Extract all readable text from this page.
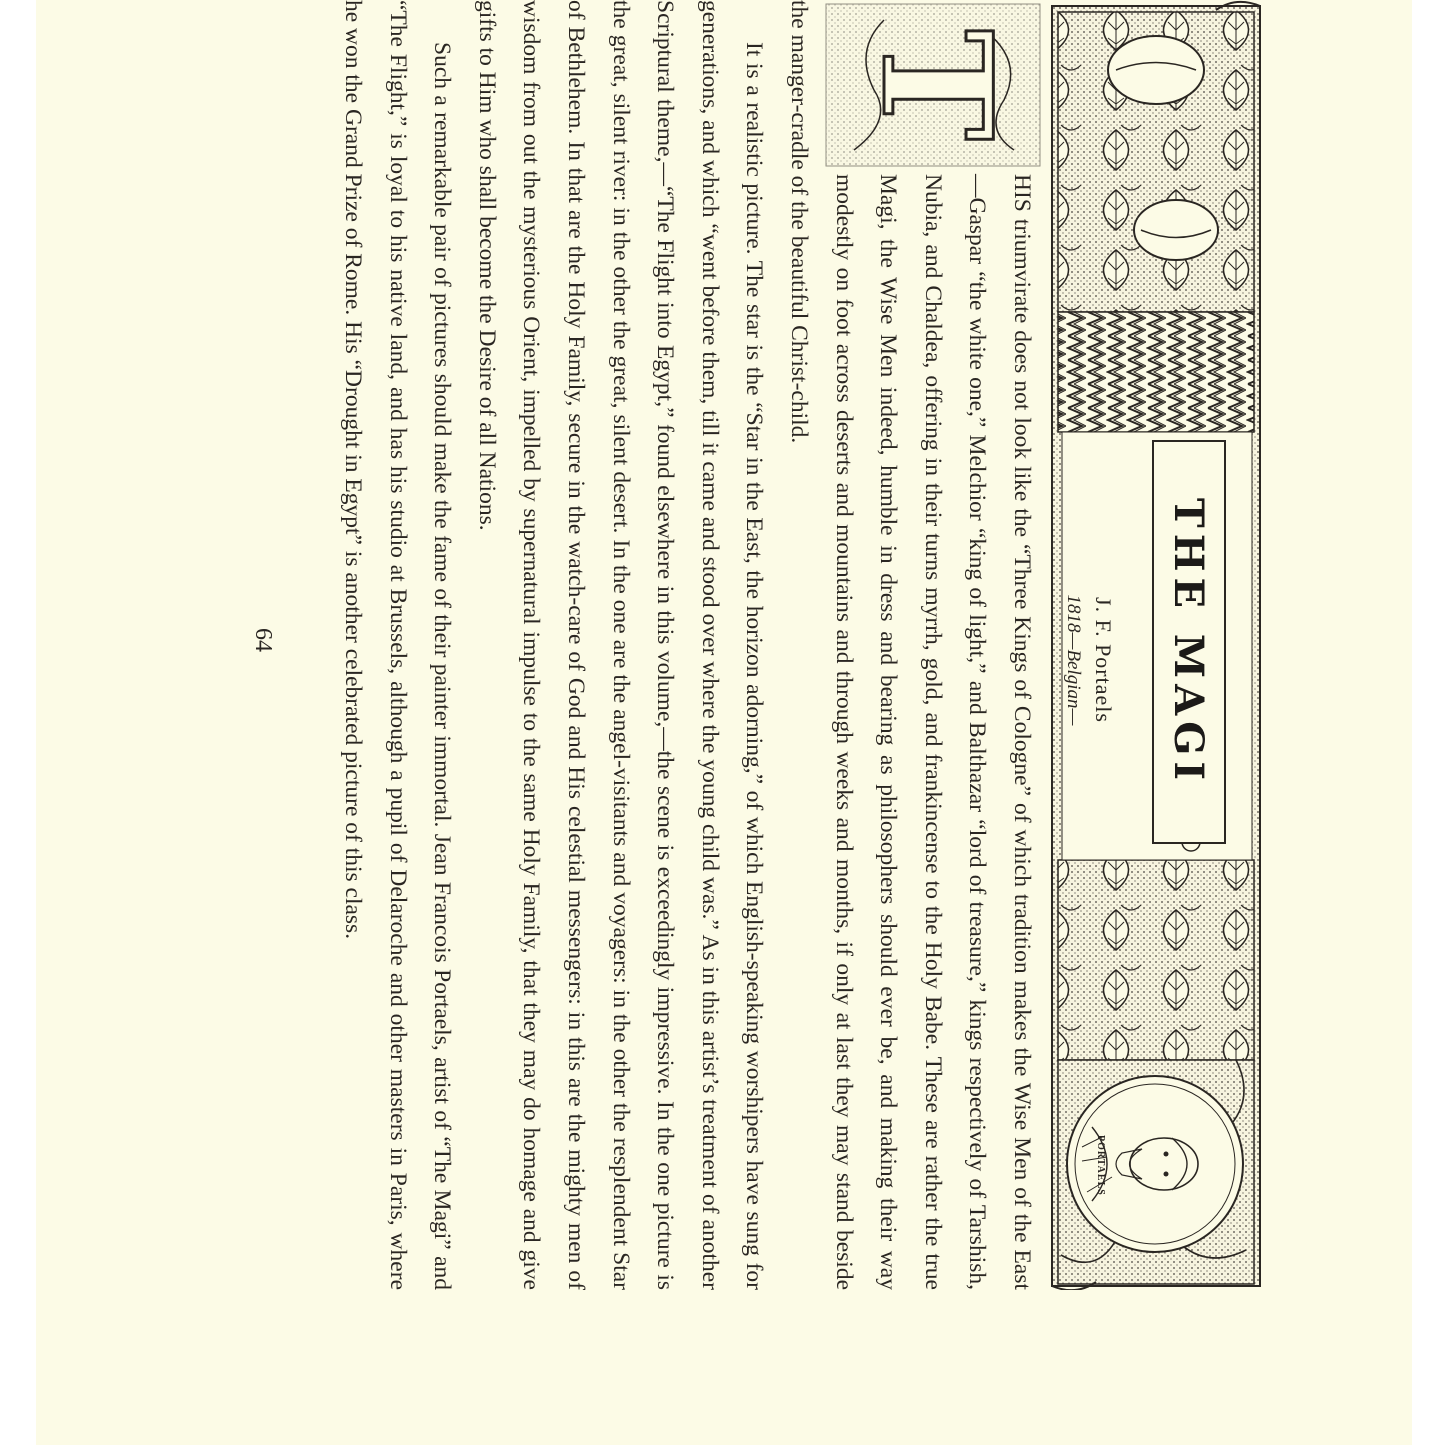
THE MAGI
J. F. Portaels
1818—Belgian—
PORTAELS
T

HIS triumvirate does not look like the “Three Kings of Cologne” of which tradition makes the Wise Men of the East—Gaspar “the white one,” Melchior “king of light,” and Balthazar “lord of treasure,” kings respectively of Tarshish, Nubia, and Chaldea, offering in their turns myrrh, gold, and frankincense to the Holy Babe. These are rather the true Magi, the Wise Men indeed, humble in dress and bearing as philosophers should ever be, and making their way modestly on foot across deserts and mountains and through weeks and months, if only at last they may stand beside the manger-cradle of the beautiful Christ-child.

It is a realistic picture. The star is the “Star in the East, the horizon adorning,” of which English-speaking worshipers have sung for generations, and which “went before them, till it came and stood over where the young child was.” As in this artist’s treatment of another Scriptural theme,—“The Flight into Egypt,” found elsewhere in this volume,—the scene is exceedingly impressive. In the one picture is the great, silent river: in the other the great, silent desert. In the one are the angel-visitants and voyagers: in the other the resplendent Star of Bethlehem. In that are the Holy Family, secure in the watch-care of God and His celestial messengers: in this are the mighty men of wisdom from out the mysterious Orient, impelled by supernatural impulse to the same Holy Family, that they may do homage and give gifts to Him who shall become the Desire of all Nations.

Such a remarkable pair of pictures should make the fame of their painter immortal. Jean Francois Portaels, artist of “The Magi” and “The Flight,” is loyal to his native land, and has his studio at Brussels, although a pupil of Delaroche and other masters in Paris, where he won the Grand Prize of Rome. His “Drought in Egypt” is another celebrated picture of this class.

64
